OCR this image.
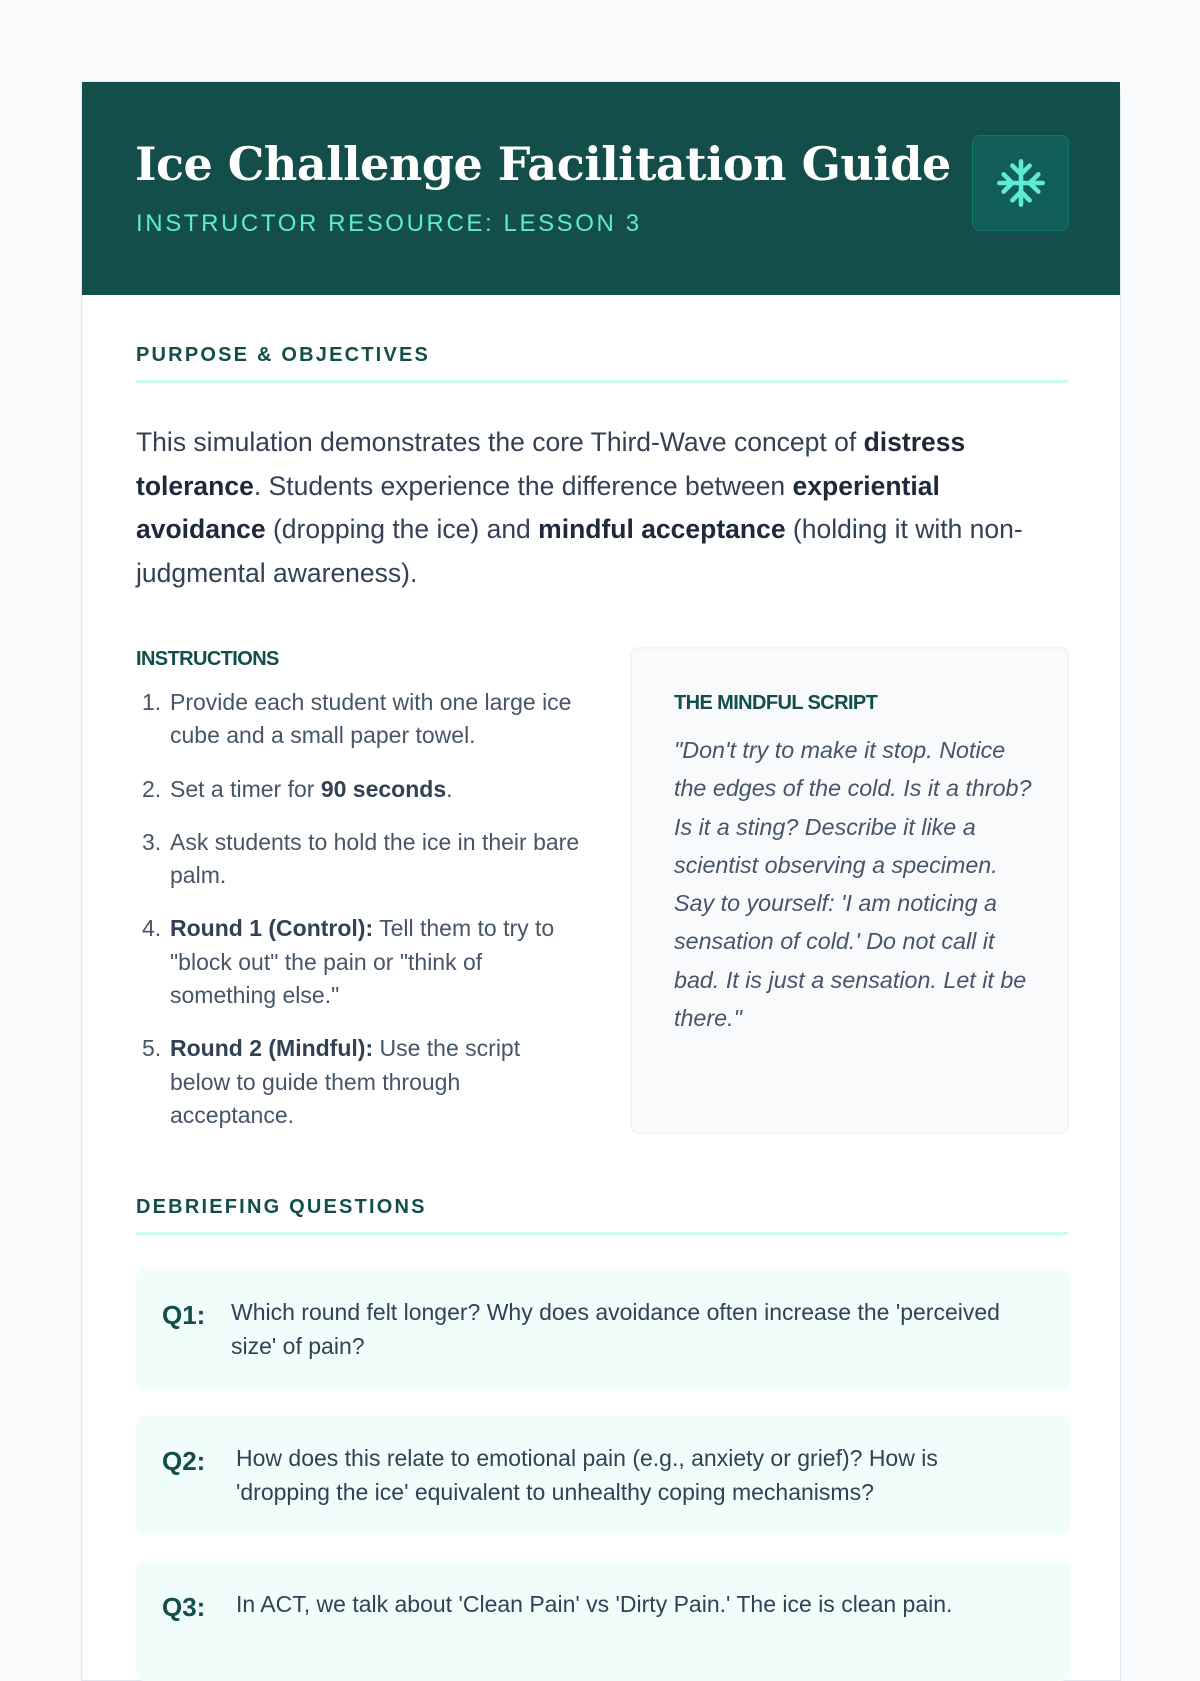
Ice Challenge Facilitation Guide
INSTRUCTOR RESOURCE: LESSON 3
PURPOSE & OBJECTIVES

This simulation demonstrates the core Third-Wave concept of distress tolerance. Students experience the difference between experiential avoidance (dropping the ice) and mindful acceptance (holding it with non-judgmental awareness).

INSTRUCTIONS
1. Provide each student with one large ice cube and a small paper towel.
2. Set a timer for 90 seconds.
3. Ask students to hold the ice in their bare palm.
4. Round 1 (Control): Tell them to try to "block out" the pain or "think of something else."
5. Round 2 (Mindful): Use the script below to guide them through acceptance.
THE MINDFUL SCRIPT

"Don't try to make it stop. Notice the edges of the cold. Is it a throb? Is it a sting? Describe it like a scientist observing a specimen. Say to yourself: 'I am noticing a sensation of cold.' Do not call it bad. It is just a sensation. Let it be there."

DEBRIEFING QUESTIONS
Q1: Which round felt longer? Why does avoidance often increase the 'perceived size' of pain?
Q2: How does this relate to emotional pain (e.g., anxiety or grief)? How is 'dropping the ice' equivalent to unhealthy coping mechanisms?
Q3: In ACT, we talk about 'Clean Pain' vs 'Dirty Pain.' The ice is clean pain.
